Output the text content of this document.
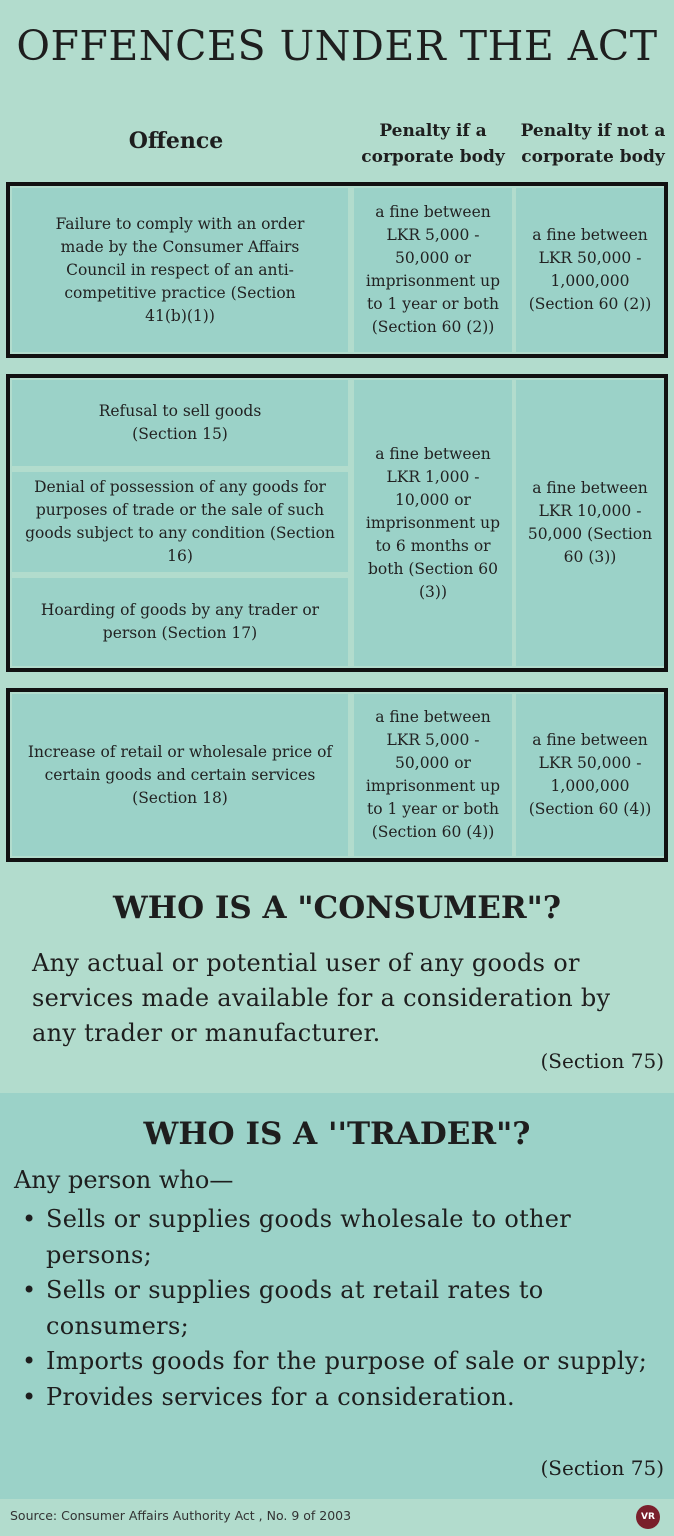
OFFENCES UNDER THE ACT
Offence	Penalty if a corporate body
Penalty if not a corporate body
Failure to comply with an order made by the Consumer Affairs Council in respect of an anti-competitive practice (Section 41(b)(1))
a fine between LKR 5,000 - 50,000 or imprisonment up to 1 year or both (Section 60 (2))
a fine between LKR 50,000 - 1,000,000 (Section 60 (2))
Refusal to sell goods (Section 15)
Denial of possession of any goods for purposes of trade or the sale of such goods subject to any condition (Section 16)
Hoarding of goods by any trader or person (Section 17)
a fine between LKR 1,000 - 10,000 or imprisonment up to 6 months or both (Section 60 (3))
a fine between LKR 10,000 - 50,000 (Section 60 (3))
Increase of retail or wholesale price of certain goods and certain services (Section 18)
a fine between LKR 5,000 - 50,000 or imprisonment up to 1 year or both (Section 60 (4))
a fine between LKR 50,000 - 1,000,000 (Section 60 (4))
WHO IS A "CONSUMER"?
Any actual or potential user of any goods or services made available for a consideration by any trader or manufacturer.
(Section 75)
WHO IS A ''TRADER"?
Any person who—
• Sells or supplies goods wholesale to other persons;
• Sells or supplies goods at retail rates to consumers;
• Imports goods for the purpose of sale or supply;
• Provides services for a consideration.
(Section 75)
Source: Consumer Affairs Authority Act , No. 9 of 2003	VR
